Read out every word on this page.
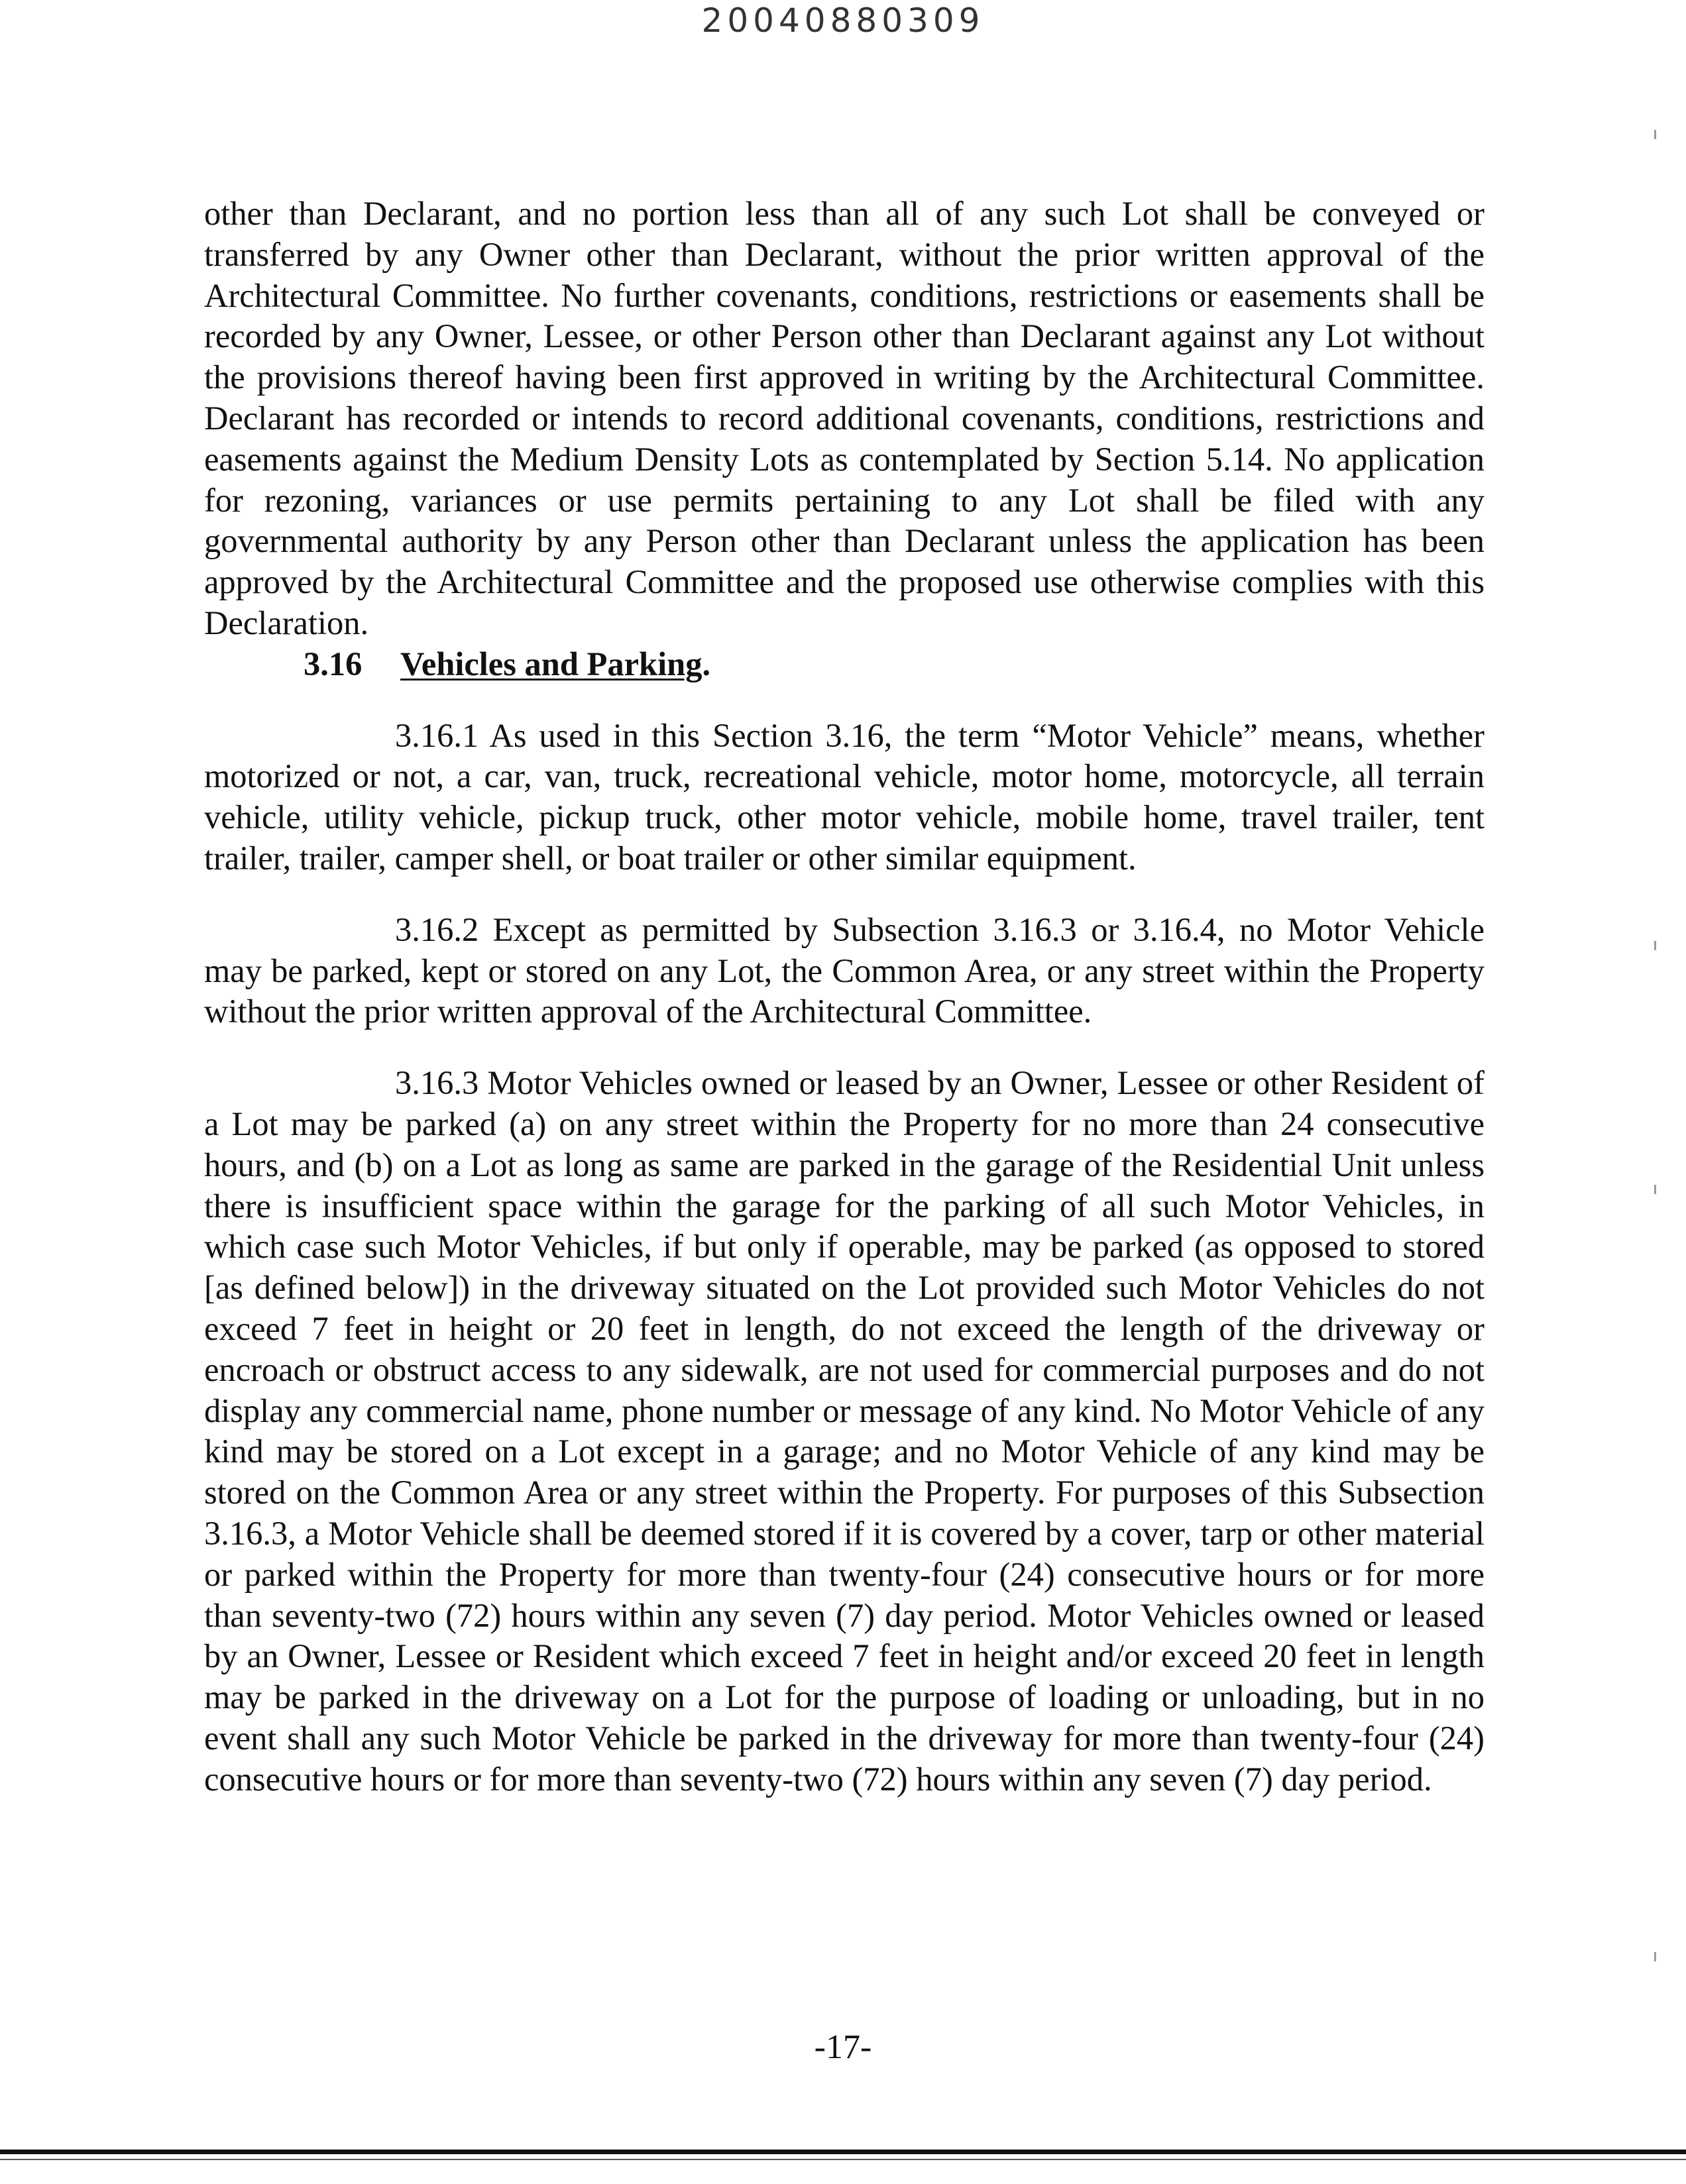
20040880309

other than Declarant, and no portion less than all of any such Lot shall be conveyed or transferred by any Owner other than Declarant, without the prior written approval of the Architectural Committee. No further covenants, conditions, restrictions or easements shall be recorded by any Owner, Lessee, or other Person other than Declarant against any Lot without the provisions thereof having been first approved in writing by the Architectural Committee. Declarant has recorded or intends to record additional covenants, conditions, restrictions and easements against the Medium Density Lots as contemplated by Section 5.14. No application for rezoning, variances or use permits pertaining to any Lot shall be filed with any governmental authority by any Person other than Declarant unless the application has been approved by the Architectural Committee and the proposed use otherwise complies with this Declaration.

3.16 Vehicles and Parking.

3.16.1 As used in this Section 3.16, the term “Motor Vehicle” means, whether motorized or not, a car, van, truck, recreational vehicle, motor home, motorcycle, all terrain vehicle, utility vehicle, pickup truck, other motor vehicle, mobile home, travel trailer, tent trailer, trailer, camper shell, or boat trailer or other similar equipment.

3.16.2 Except as permitted by Subsection 3.16.3 or 3.16.4, no Motor Vehicle may be parked, kept or stored on any Lot, the Common Area, or any street within the Property without the prior written approval of the Architectural Committee.

3.16.3 Motor Vehicles owned or leased by an Owner, Lessee or other Resident of a Lot may be parked (a) on any street within the Property for no more than 24 consecutive hours, and (b) on a Lot as long as same are parked in the garage of the Residential Unit unless there is insufficient space within the garage for the parking of all such Motor Vehicles, in which case such Motor Vehicles, if but only if operable, may be parked (as opposed to stored [as defined below]) in the driveway situated on the Lot provided such Motor Vehicles do not exceed 7 feet in height or 20 feet in length, do not exceed the length of the driveway or encroach or obstruct access to any sidewalk, are not used for commercial purposes and do not display any commercial name, phone number or message of any kind. No Motor Vehicle of any kind may be stored on a Lot except in a garage; and no Motor Vehicle of any kind may be stored on the Common Area or any street within the Property. For purposes of this Subsection 3.16.3, a Motor Vehicle shall be deemed stored if it is covered by a cover, tarp or other material or parked within the Property for more than twenty-four (24) consecutive hours or for more than seventy-two (72) hours within any seven (7) day period. Motor Vehicles owned or leased by an Owner, Lessee or Resident which exceed 7 feet in height and/or exceed 20 feet in length may be parked in the driveway on a Lot for the purpose of loading or unloading, but in no event shall any such Motor Vehicle be parked in the driveway for more than twenty-four (24) consecutive hours or for more than seventy-two (72) hours within any seven (7) day period.

-17-
